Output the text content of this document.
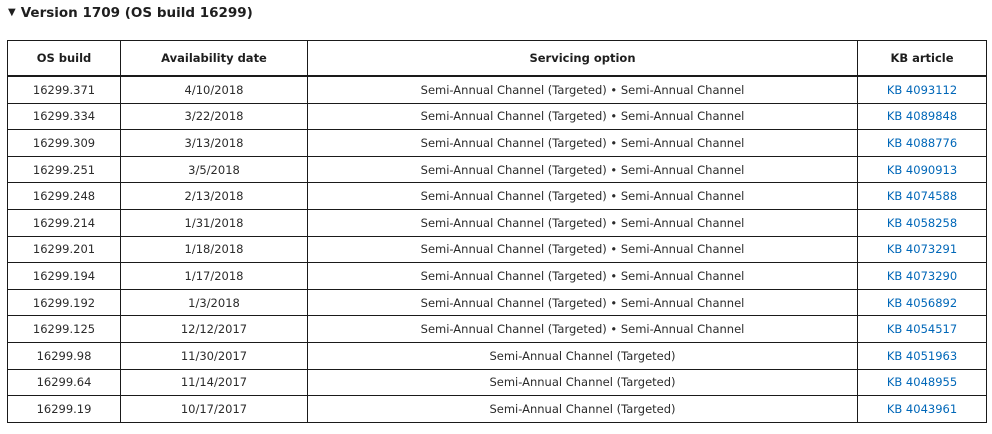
▼ Version 1709 (OS build 16299)
OS build	Availability date	Servicing option	KB article
16299.371	4/10/2018	Semi-Annual Channel (Targeted) • Semi-Annual Channel	KB 4093112
16299.334	3/22/2018	Semi-Annual Channel (Targeted) • Semi-Annual Channel	KB 4089848
16299.309	3/13/2018	Semi-Annual Channel (Targeted) • Semi-Annual Channel	KB 4088776
16299.251	3/5/2018	Semi-Annual Channel (Targeted) • Semi-Annual Channel	KB 4090913
16299.248	2/13/2018	Semi-Annual Channel (Targeted) • Semi-Annual Channel	KB 4074588
16299.214	1/31/2018	Semi-Annual Channel (Targeted) • Semi-Annual Channel	KB 4058258
16299.201	1/18/2018	Semi-Annual Channel (Targeted) • Semi-Annual Channel	KB 4073291
16299.194	1/17/2018	Semi-Annual Channel (Targeted) • Semi-Annual Channel	KB 4073290
16299.192	1/3/2018	Semi-Annual Channel (Targeted) • Semi-Annual Channel	KB 4056892
16299.125	12/12/2017	Semi-Annual Channel (Targeted) • Semi-Annual Channel	KB 4054517
16299.98	11/30/2017	Semi-Annual Channel (Targeted)	KB 4051963
16299.64	11/14/2017	Semi-Annual Channel (Targeted)	KB 4048955
16299.19	10/17/2017	Semi-Annual Channel (Targeted)	KB 4043961
